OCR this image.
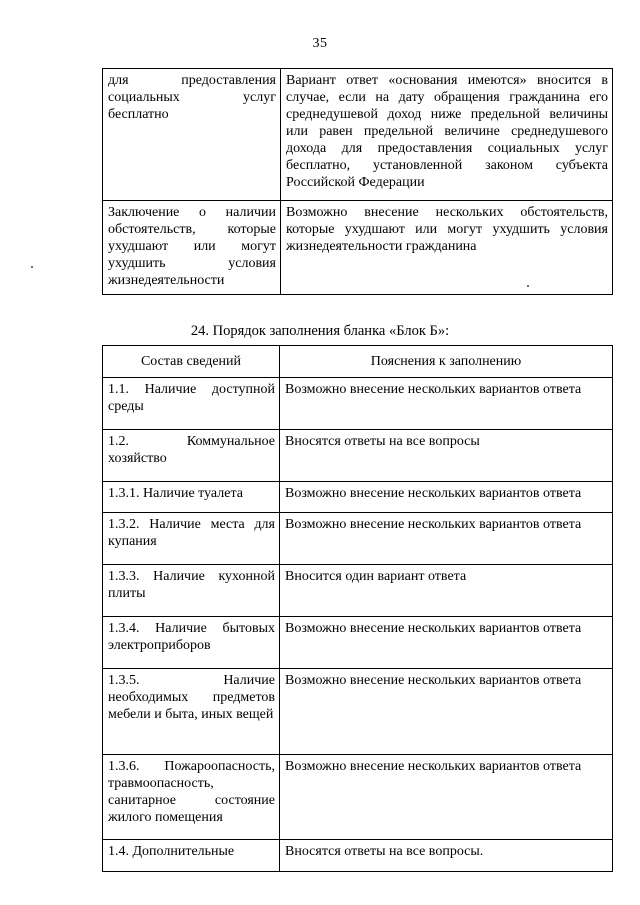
35
для предоставления социальных услуг бесплатно	Вариант ответ «основания имеются» вносится в случае, если на дату обращения гражданина его среднедушевой доход ниже предельной величины или равен предельной величине среднедушевого дохода для предоставления социальных услуг бесплатно, установленной законом субъекта Российской Федерации
Заключение о наличии обстоятельств, которые ухудшают или могут ухудшить условия жизнедеятельности	Возможно внесение нескольких обстоятельств, которые ухудшают или могут ухудшить условия жизнедеятельности гражданина
24. Порядок заполнения бланка «Блок Б»:
Состав сведений	Пояснения к заполнению
1.1. Наличие доступной среды	Возможно внесение нескольких вариантов ответа
1.2. Коммунальное хозяйство	Вносятся ответы на все вопросы
1.3.1. Наличие туалета	Возможно внесение нескольких вариантов ответа
1.3.2. Наличие места для купания	Возможно внесение нескольких вариантов ответа
1.3.3. Наличие кухонной плиты	Вносится один вариант ответа
1.3.4. Наличие бытовых электроприборов	Возможно внесение нескольких вариантов ответа
1.3.5. Наличие необходимых предметов мебели и быта, иных вещей	Возможно внесение нескольких вариантов ответа
1.3.6. Пожароопасность, травмоопасность, санитарное состояние жилого помещения	Возможно внесение нескольких вариантов ответа
1.4. Дополнительные	Вносятся ответы на все вопросы.
